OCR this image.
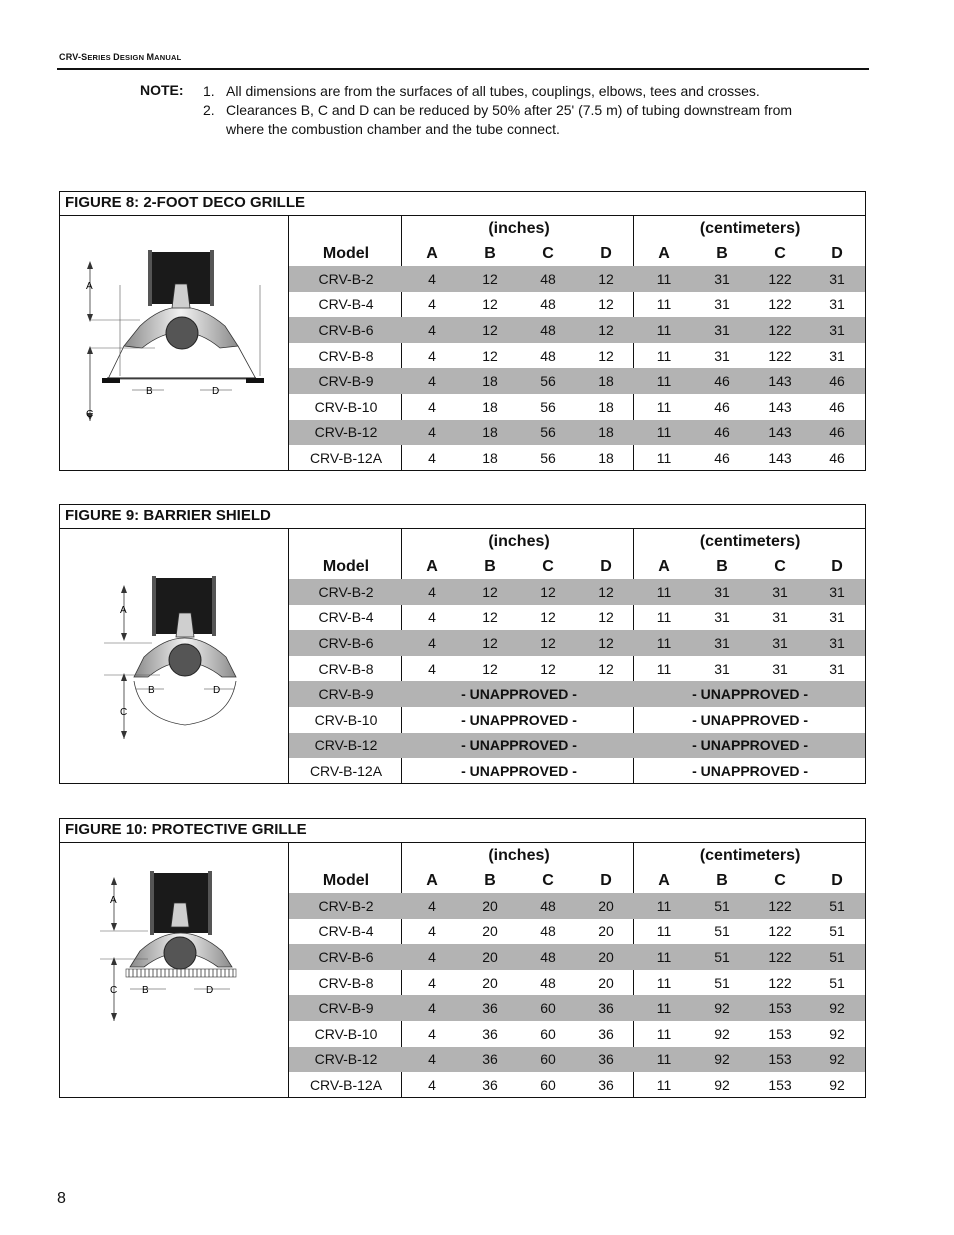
CRV-SERIES DESIGN MANUAL
NOTE: 1. All dimensions are from the surfaces of all tubes, couplings, elbows, tees and crosses.
2. Clearances B, C and D can be reduced by 50% after 25' (7.5 m) of tubing downstream from
where the combustion chamber and the tube connect.
FIGURE 8: 2-FOOT DECO GRILLE
A
C
B	D
	(inches)				(centimeters)			
Model	A	B	C	D	A	B	C	D
CRV-B-2	4	12	48	12	11	31	122	31
CRV-B-4	4	12	48	12	11	31	122	31
CRV-B-6	4	12	48	12	11	31	122	31
CRV-B-8	4	12	48	12	11	31	122	31
CRV-B-9	4	18	56	18	11	46	143	46
CRV-B-10	4	18	56	18	11	46	143	46
CRV-B-12	4	18	56	18	11	46	143	46
CRV-B-12A	4	18	56	18	11	46	143	46
FIGURE 9: BARRIER SHIELD
A
C
B	D
	(inches)				(centimeters)			
Model	A	B	C	D	A	B	C	D
CRV-B-2	4	12	12	12	11	31	31	31
CRV-B-4	4	12	12	12	11	31	31	31
CRV-B-6	4	12	12	12	11	31	31	31
CRV-B-8	4	12	12	12	11	31	31	31
CRV-B-9	- UNAPPROVED -				- UNAPPROVED -			
CRV-B-10	- UNAPPROVED -				- UNAPPROVED -			
CRV-B-12	- UNAPPROVED -				- UNAPPROVED -			
CRV-B-12A	- UNAPPROVED -				- UNAPPROVED -			
FIGURE 10: PROTECTIVE GRILLE
A
C B	D
	(inches)				(centimeters)			
Model	A	B	C	D	A	B	C	D
CRV-B-2	4	20	48	20	11	51	122	51
CRV-B-4	4	20	48	20	11	51	122	51
CRV-B-6	4	20	48	20	11	51	122	51
CRV-B-8	4	20	48	20	11	51	122	51
CRV-B-9	4	36	60	36	11	92	153	92
CRV-B-10	4	36	60	36	11	92	153	92
CRV-B-12	4	36	60	36	11	92	153	92
CRV-B-12A	4	36	60	36	11	92	153	92
8
